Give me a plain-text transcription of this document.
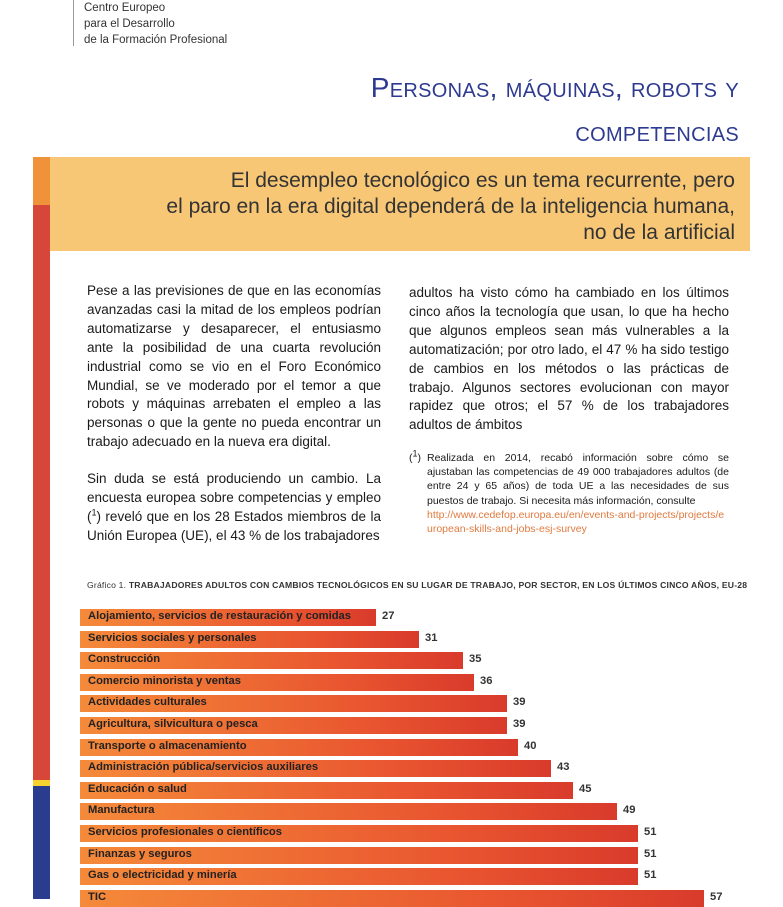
Centro Europeo
para el Desarrollo
de la Formación Profesional
Personas, máquinas, robots y
competencias
El desempleo tecnológico es un tema recurrente, pero
el paro en la era digital dependerá de la inteligencia humana,
no de la artificial

Pese a las previsiones de que en las economías avanzadas casi la mitad de los empleos podrían automatizarse y desaparecer, el entusiasmo ante la posibilidad de una cuarta revolución industrial como se vio en el Foro Económico Mundial, se ve moderado por el temor a que robots y máquinas arrebaten el empleo a las personas o que la gente no pueda encontrar un trabajo adecuado en la nueva era digital.

Sin duda se está produciendo un cambio. La encuesta europea sobre competencias y empleo ($^1$) reveló que en los 28 Estados miembros de la Unión Europea (UE), el 43 % de los trabajadores

adultos ha visto cómo ha cambiado en los últimos cinco años la tecnología que usan, lo que ha hecho que algunos empleos sean más vulnerables a la automatización; por otro lado, el 47 % ha sido testigo de cambios en los métodos o las prácticas de trabajo. Algunos sectores evolucionan con mayor rapidez que otros; el 57 % de los trabajadores adultos de ámbitos

($^1$) Realizada en 2014, recabó información sobre cómo se ajustaban las competencias de 49 000 trabajadores adultos (de entre 24 y 65 años) de toda UE a las necesidades de sus puestos de trabajo. Si necesita más información, consulte
http://www.cedefop.europa.eu/en/events-and-projects/projects/european-skills-and-jobs-esj-survey
Gráfico 1. TRABAJADORES ADULTOS CON CAMBIOS TECNOLÓGICOS EN SU LUGAR DE TRABAJO, POR SECTOR, EN LOS ÚLTIMOS CINCO AÑOS, EU-28
Alojamiento, servicios de restauración y comidas	27
Servicios sociales y personales	31
Construcción	35
Comercio minorista y ventas	36
Actividades culturales	39
Agricultura, silvicultura o pesca	39
Transporte o almacenamiento	40
Administración pública/servicios auxiliares	43
Educación o salud	45
Manufactura	49
Servicios profesionales o científicos	51
Finanzas y seguros	51
Gas o electricidad y minería	51
TIC	57
